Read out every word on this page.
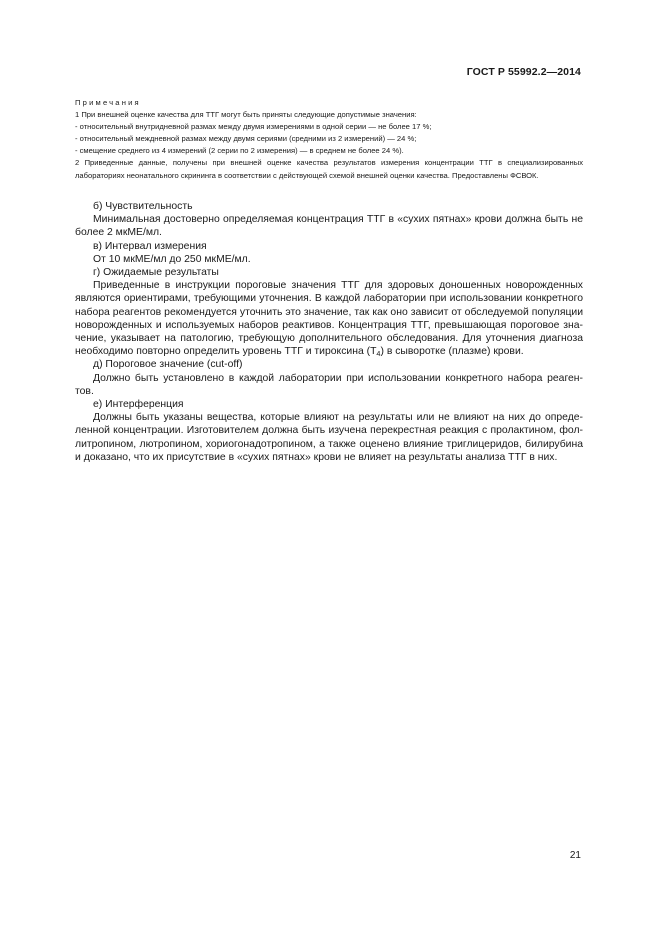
ГОСТ Р 55992.2—2014
Примечания
1 При внешней оценке качества для ТТГ могут быть приняты следующие допустимые значения:
- относительный внутридневной размах между двумя измерениями в одной серии — не более 17 %;
- относительный междневной размах между двумя сериями (средними из 2 измерений) — 24 %;
- смещение среднего из 4 измерений (2 серии по 2 измерения) — в среднем не более 24 %).
2 Приведенные данные, получены при внешней оценке качества результатов измерения концентрации ТТГ в специализированных лабораториях неонатального скрининга в соответствии с действующей схемой внешней оценки качества. Предоставлены ФСВОК.

б) Чувствительность

Минимальная достоверно определяемая концентрация ТТГ в «сухих пятнах» крови должна быть не более 2 мкМЕ/мл.

в) Интервал измерения

От 10 мкМЕ/мл до 250 мкМЕ/мл.

г) Ожидаемые результаты

Приведенные в инструкции пороговые значения ТТГ для здоровых доношенных новорожденных являются ориентирами, требующими уточнения. В каждой лаборатории при использовании конкретного набора реагентов рекомендуется уточнить это значение, так как оно зависит от обследуемой популяции новорожденных и используемых наборов реактивов. Концентрация ТТГ, превышающая пороговое зна-чение, указывает на патологию, требующую дополнительного обследования. Для уточнения диагноза необходимо повторно определить уровень ТТГ и тироксина $(T_4)$ в сыворотке (плазме) крови.

д) Пороговое значение (cut-off)

Должно быть установлено в каждой лаборатории при использовании конкретного набора реаген-тов.

е) Интерференция

Должны быть указаны вещества, которые влияют на результаты или не влияют на них до опреде-ленной концентрации. Изготовителем должна быть изучена перекрестная реакция с пролактином, фол-литропином, лютропином, хориогонадотропином, а также оценено влияние триглицеридов, билирубина и доказано, что их присутствие в «сухих пятнах» крови не влияет на результаты анализа ТТГ в них.

21
